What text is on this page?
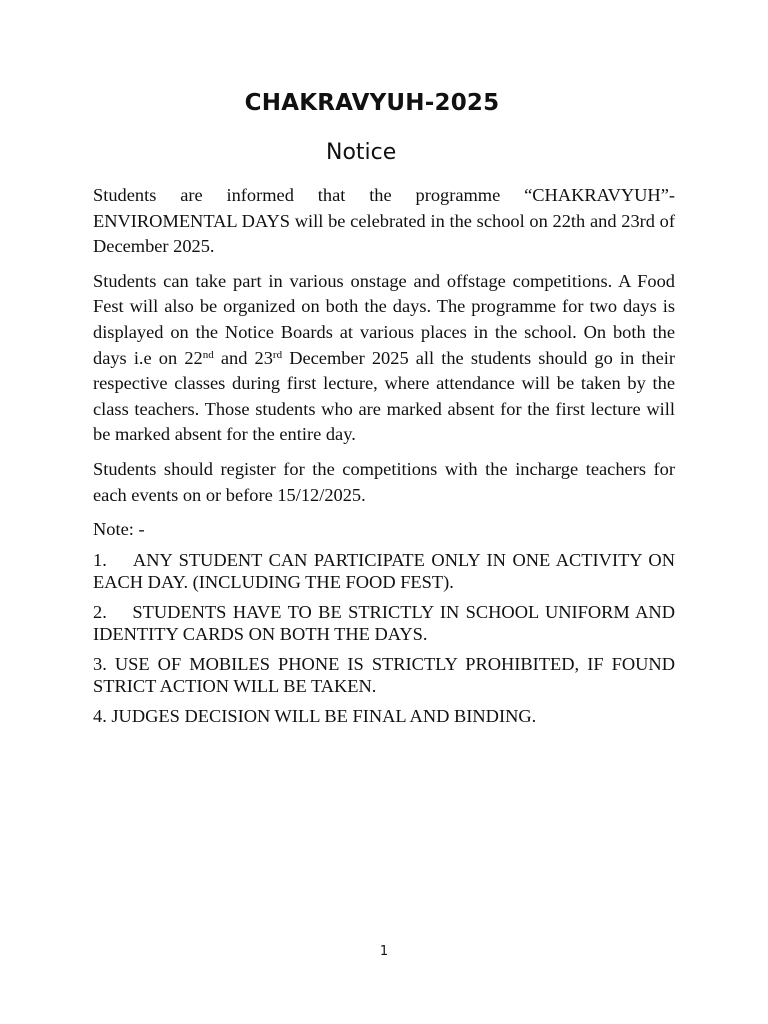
CHAKRAVYUH-2025
Notice

Students are informed that the programme “CHAKRAVYUH”- ENVIROMENTAL DAYS will be celebrated in the school on 22th and 23rd of December 2025.

Students can take part in various onstage and offstage competitions. A Food Fest will also be organized on both the days. The programme for two days is displayed on the Notice Boards at various places in the school. On both the days i.e on 22nd and 23rd December 2025 all the students should go in their respective classes during first lecture, where attendance will be taken by the class teachers. Those students who are marked absent for the first lecture will be marked absent for the entire day.

Students should register for the competitions with the incharge teachers for each events on or before 15/12/2025.

Note: -

1.    ANY STUDENT CAN PARTICIPATE ONLY IN ONE ACTIVITY ON EACH DAY. (INCLUDING THE FOOD FEST).

2.    STUDENTS HAVE TO BE STRICTLY IN SCHOOL UNIFORM AND IDENTITY CARDS ON BOTH THE DAYS.

3. USE OF MOBILES PHONE IS STRICTLY PROHIBITED, IF FOUND STRICT ACTION WILL BE TAKEN.

4. JUDGES DECISION WILL BE FINAL AND BINDING.

1
